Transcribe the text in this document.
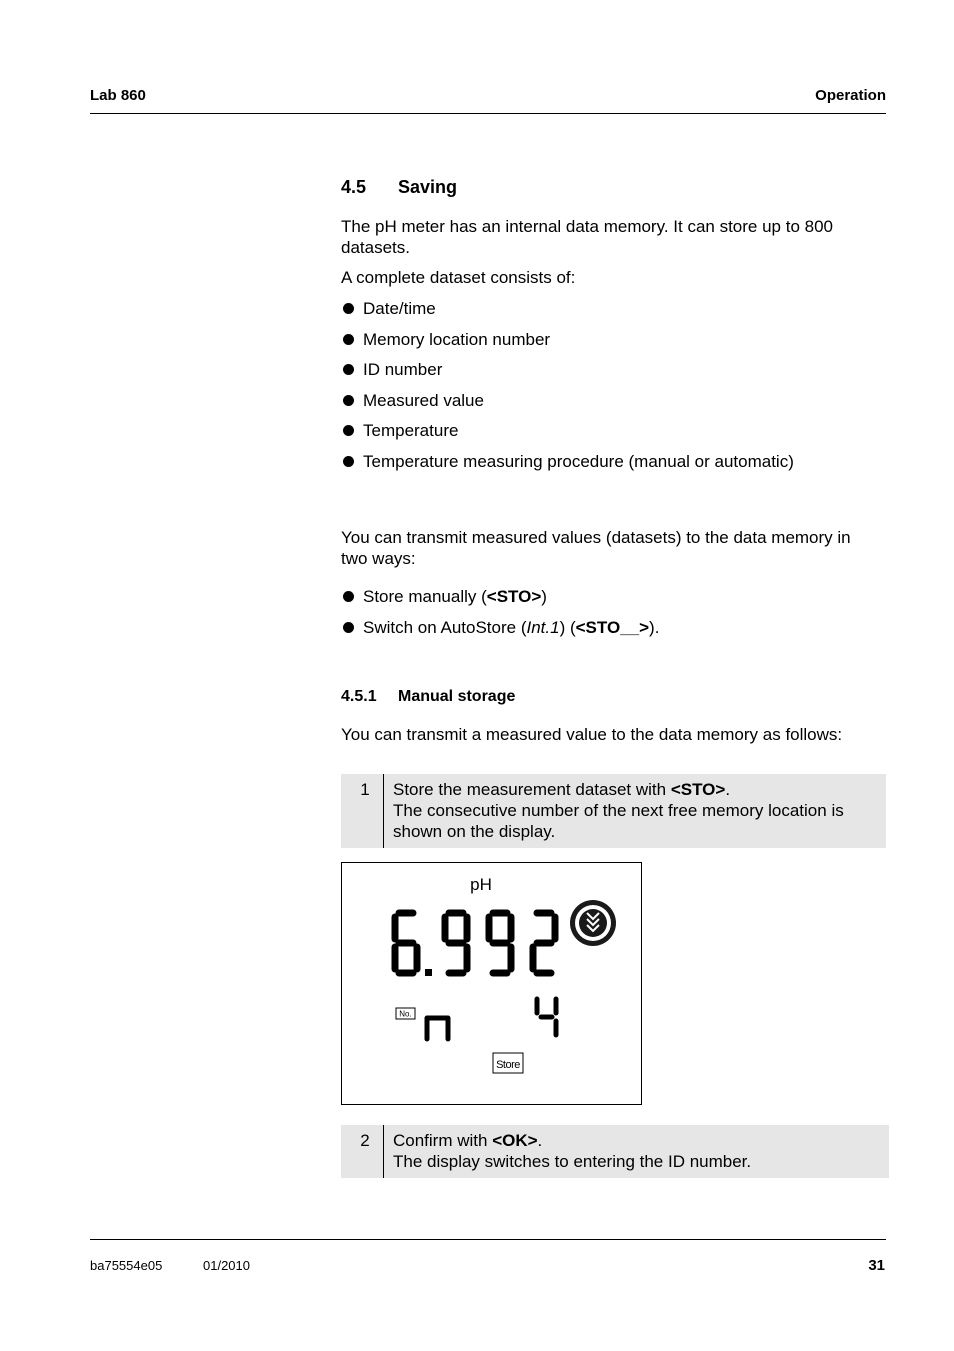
Lab 860	Operation
4.5 Saving
The pH meter has an internal data memory. It can store up to 800 datasets.
A complete dataset consists of:
Date/time
Memory location number
ID number
Measured value
Temperature
Temperature measuring procedure (manual or automatic)
You can transmit measured values (datasets) to the data memory in two ways:
Store manually (<STO>)
Switch on AutoStore (Int.1) (<STO__>).
4.5.1 Manual storage
You can transmit a measured value to the data memory as follows:
1	Store the measurement dataset with <STO>.
The consecutive number of the next free memory location is shown on the display.
pH
No.
Store
2	Confirm with <OK>.
The display switches to entering the ID number.
ba75554e05	01/2010	31
